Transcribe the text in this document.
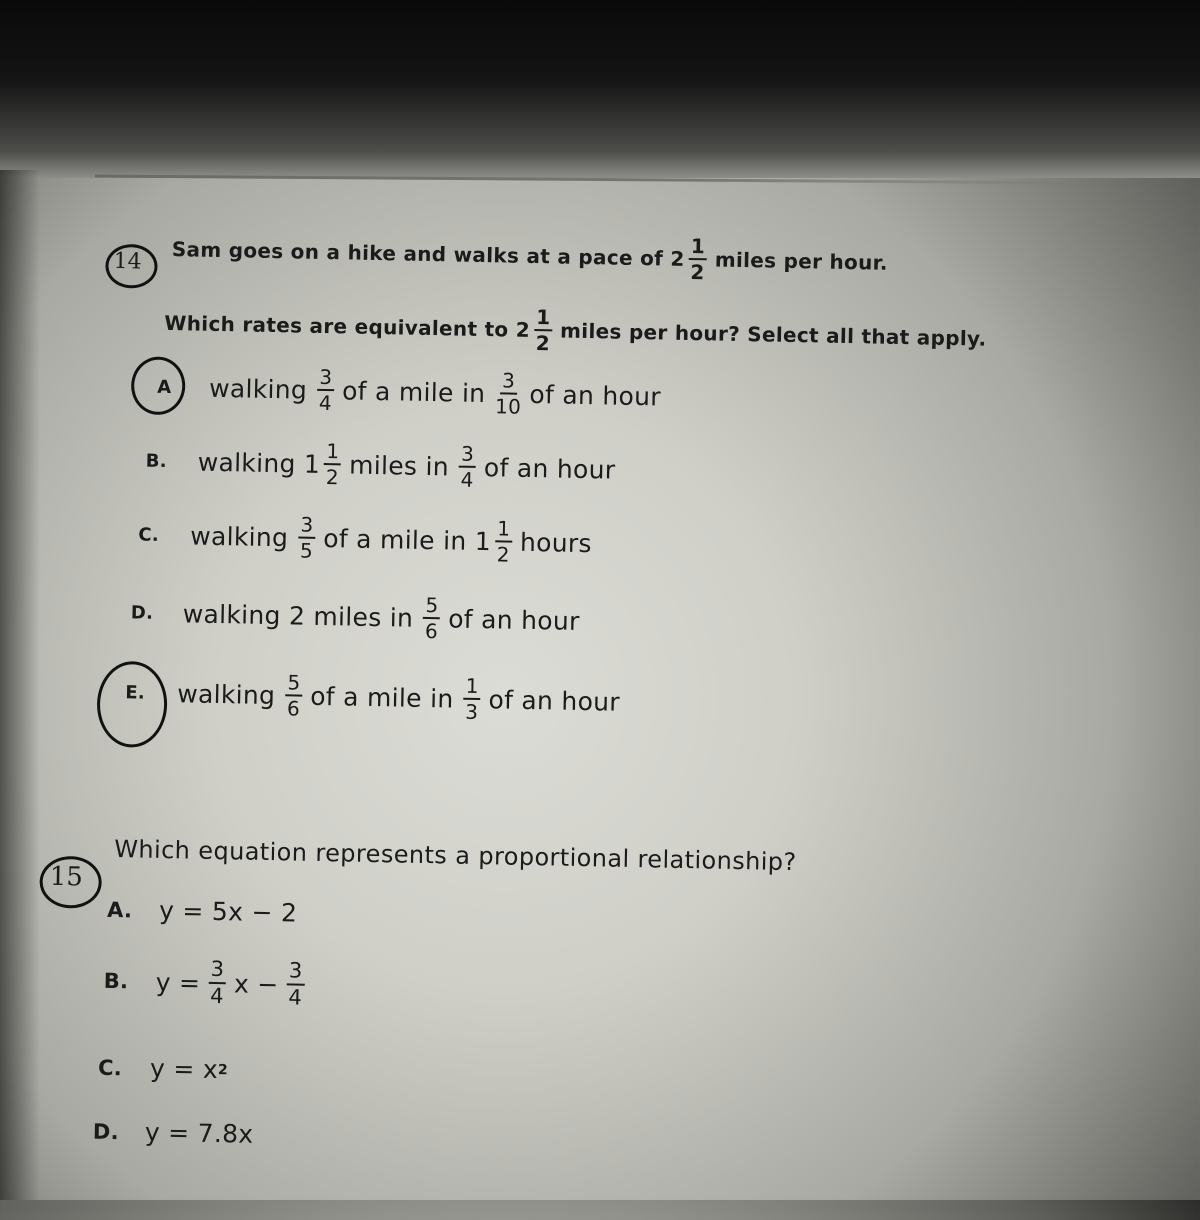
14 Sam goes on a hike and walks at a pace of $2 \frac{1}{2}$ miles per hour.
Which rates are equivalent to $2 \frac{1}{2}$ miles per hour? Select all that apply.
A	walking $\frac{3}{4}$ of a mile in $\frac{3}{10}$ of an hour
B. walking $1 \frac{1}{2}$ miles in $\frac{3}{4}$ of an hour
C. walking $\frac{3}{5}$ of a mile in $1 \frac{1}{2}$ hours
D. walking 2 miles in $\frac{5}{6}$ of an hour
E. walking $\frac{5}{6}$ of a mile in $\frac{1}{3}$ of an hour
15
Which equation represents a proportional relationship?
A. y = 5x − 2
B. $y = \frac{3}{4}$ $x - \frac{3}{4}$
C. y = x 2
D. y = 7.8x
